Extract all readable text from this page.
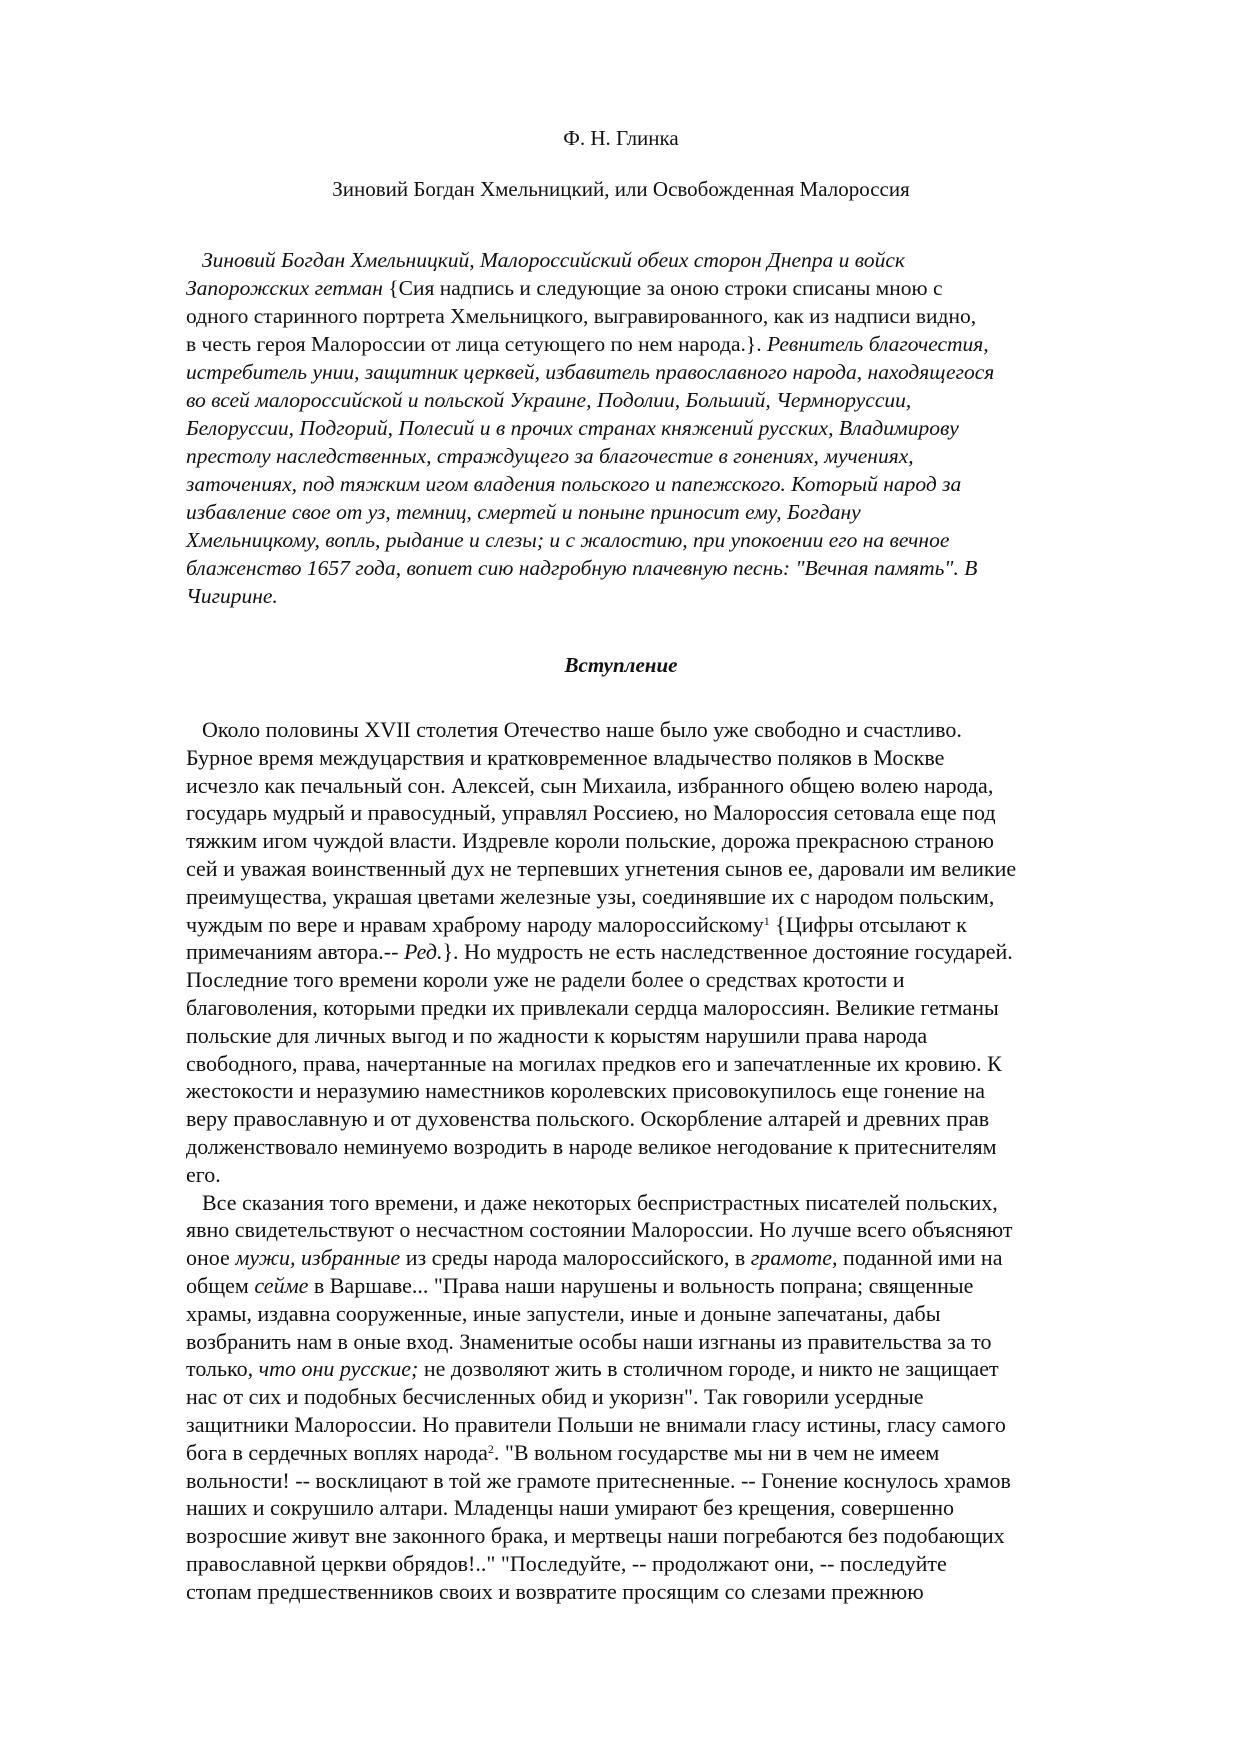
Ф. Н. Глинка
Зиновий Богдан Хмельницкий, или Освобожденная Малороссия
Зиновий Богдан Хмельницкий, Малороссийский обеих сторон Днепра и войск
Запорожских гетман {Сия надпись и следующие за оною строки списаны мною с
одного старинного портрета Хмельницкого, выгравированного, как из надписи видно,
в честь героя Малороссии от лица сетующего по нем народа.}. Ревнитель благочестия,
истребитель унии, защитник церквей, избавитель православного народа, находящегося
во всей малороссийской и польской Украине, Подолии, Больший, Чермнорусcии,
Белоруссии, Подгорий, Полесий и в прочих странах княжений русских, Владимирову
престолу наследственных, страждущего за благочестие в гонениях, мучениях,
заточениях, под тяжким игом владения польского и папежского. Который народ за
избавление свое от уз, темниц, смертей и поныне приносит ему, Богдану
Хмельницкому, вопль, рыдание и слезы; и с жалостию, при упокоении его на вечное
блаженство 1657 года, вопиет сию надгробную плачевную песнь: "Вечная память". В
Чигирине.
Вступление
Около половины XVII столетия Отечество наше было уже свободно и счастливо.
Бурное время междуцарствия и кратковременное владычество поляков в Москве
исчезло как печальный сон. Алексей, сын Михаила, избранного общею волею народа,
государь мудрый и правосудный, управлял Россиею, но Малороссия сетовала еще под
тяжким игом чуждой власти. Издревле короли польские, дорожа прекрасною страною
сей и уважая воинственный дух не терпевших угнетения сынов ее, даровали им великие
преимущества, украшая цветами железные узы, соединявшие их с народом польским,
чуждым по вере и нравам храброму народу малороссийскому$^1$ {Цифры отсылают к
примечаниям автора.-- Ред.}. Но мудрость не есть наследственное достояние государей.
Последние того времени короли уже не радели более о средствах кротости и
благоволения, которыми предки их привлекали сердца малороссиян. Великие гетманы
польские для личных выгод и по жадности к корыстям нарушили права народа
свободного, права, начертанные на могилах предков его и запечатленные их кровию. К
жестокости и неразумию наместников королевских присовокупилось еще гонение на
веру православную и от духовенства польского. Оскорбление алтарей и древних прав
долженствовало неминуемо возродить в народе великое негодование к притеснителям
его.
Все сказания того времени, и даже некоторых беспристрастных писателей польских,
явно свидетельствуют о несчастном состоянии Малороссии. Но лучше всего объясняют
оное мужи, избранные из среды народа малороссийского, в грамоте, поданной ими на
общем сейме в Варшаве... "Права наши нарушены и вольность попрана; священные
храмы, издавна сооруженные, иные запустели, иные и доныне запечатаны, дабы
возбранить нам в оные вход. Знаменитые особы наши изгнаны из правительства за то
только, что они русские; не дозволяют жить в столичном городе, и никто не защищает
нас от сих и подобных бесчисленных обид и укоризн". Так говорили усердные
защитники Малороссии. Но правители Польши не внимали гласу истины, гласу самого
бога в сердечных воплях народа$^2$. "В вольном государстве мы ни в чем не имеем
вольности! -- восклицают в той же грамоте притесненные. -- Гонение коснулось храмов
наших и сокрушило алтари. Младенцы наши умирают без крещения, совершенно
возросшие живут вне законного брака, и мертвецы наши погребаются без подобающих
православной церкви обрядов!.." "Последуйте, -- продолжают они, -- последуйте
стопам предшественников своих и возвратите просящим со слезами прежнюю
